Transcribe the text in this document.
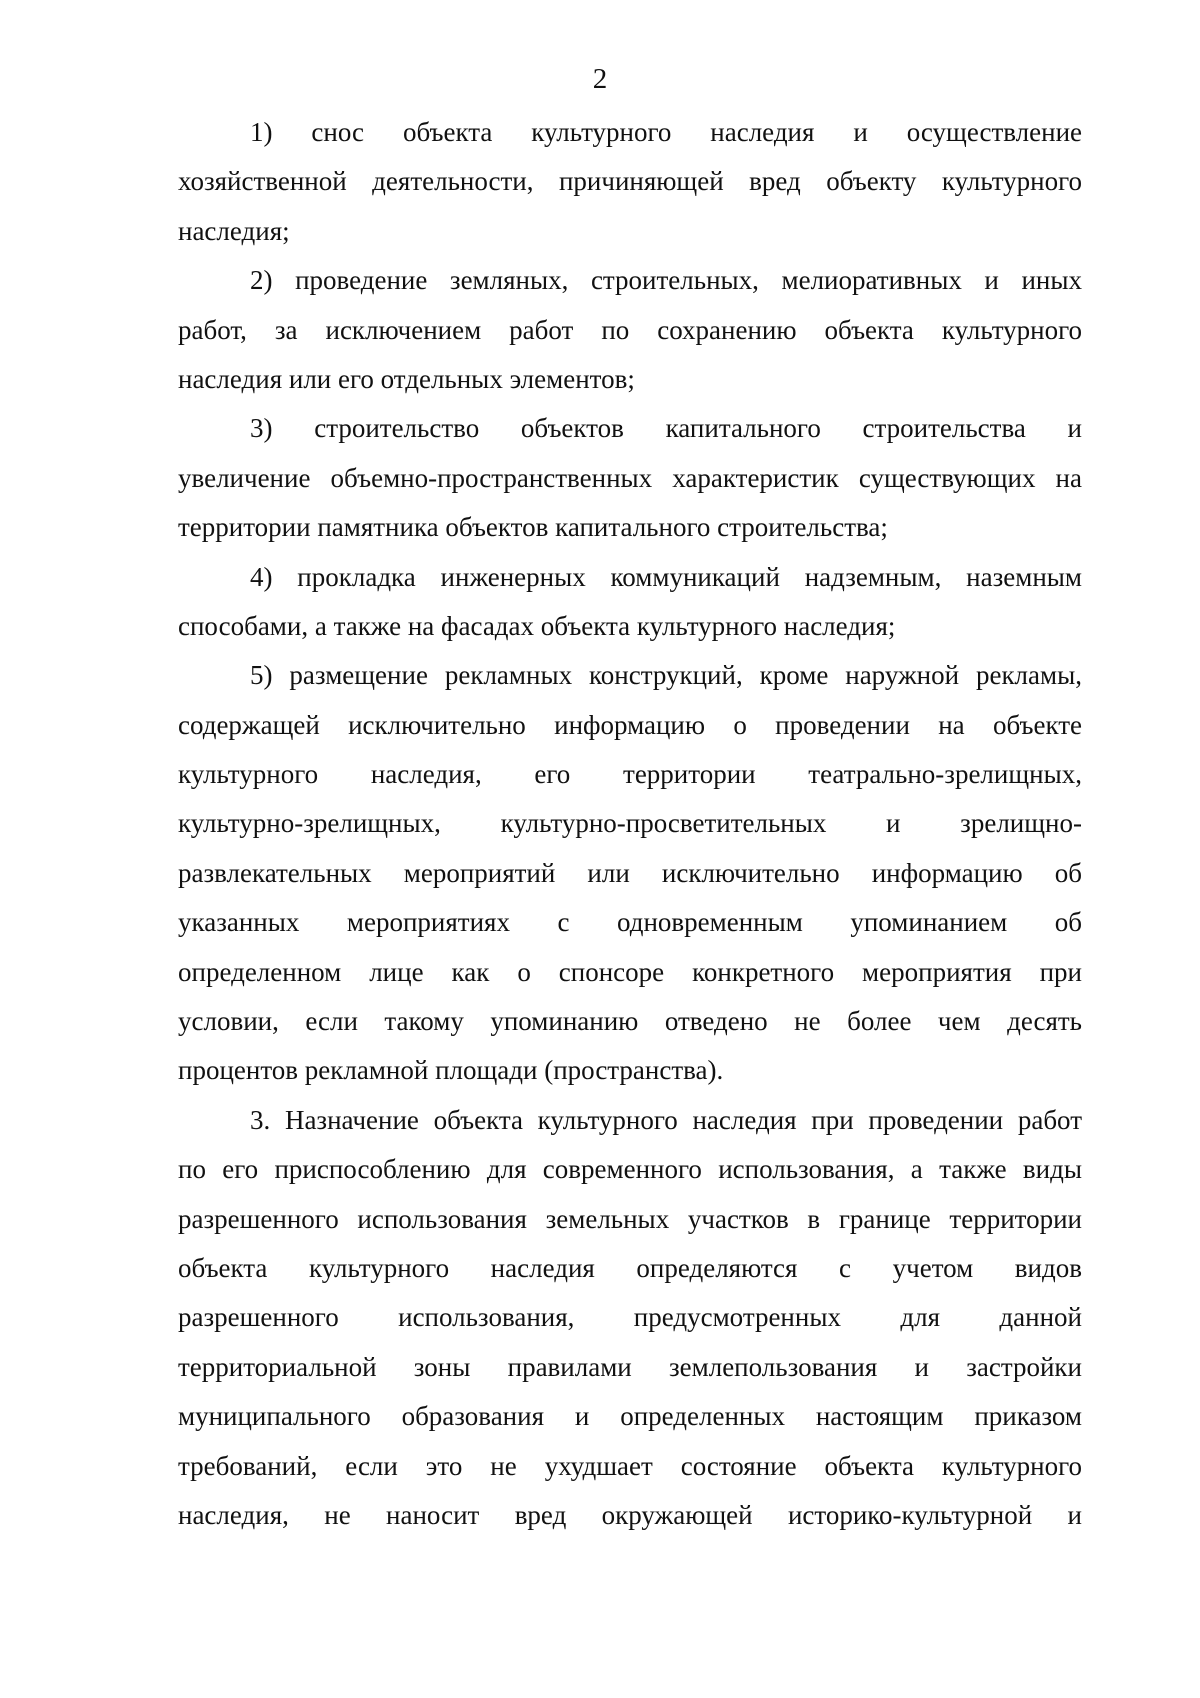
2
1) снос объекта культурного наследия и осуществление
хозяйственной деятельности, причиняющей вред объекту культурного
наследия;
2) проведение земляных, строительных, мелиоративных и иных
работ, за исключением работ по сохранению объекта культурного
наследия или его отдельных элементов;
3) строительство объектов капитального строительства и
увеличение объемно-пространственных характеристик существующих на
территории памятника объектов капитального строительства;
4) прокладка инженерных коммуникаций надземным, наземным
способами, а также на фасадах объекта культурного наследия;
5) размещение рекламных конструкций, кроме наружной рекламы,
содержащей исключительно информацию о проведении на объекте
культурного наследия, его территории театрально-зрелищных,
культурно-зрелищных, культурно-просветительных и зрелищно-
развлекательных мероприятий или исключительно информацию об
указанных мероприятиях с одновременным упоминанием об
определенном лице как о спонсоре конкретного мероприятия при
условии, если такому упоминанию отведено не более чем десять
процентов рекламной площади (пространства).
3. Назначение объекта культурного наследия при проведении работ
по его приспособлению для современного использования, а также виды
разрешенного использования земельных участков в границе территории
объекта культурного наследия определяются с учетом видов
разрешенного использования, предусмотренных для данной
территориальной зоны правилами землепользования и застройки
муниципального образования и определенных настоящим приказом
требований, если это не ухудшает состояние объекта культурного
наследия, не наносит вред окружающей историко-культурной и
